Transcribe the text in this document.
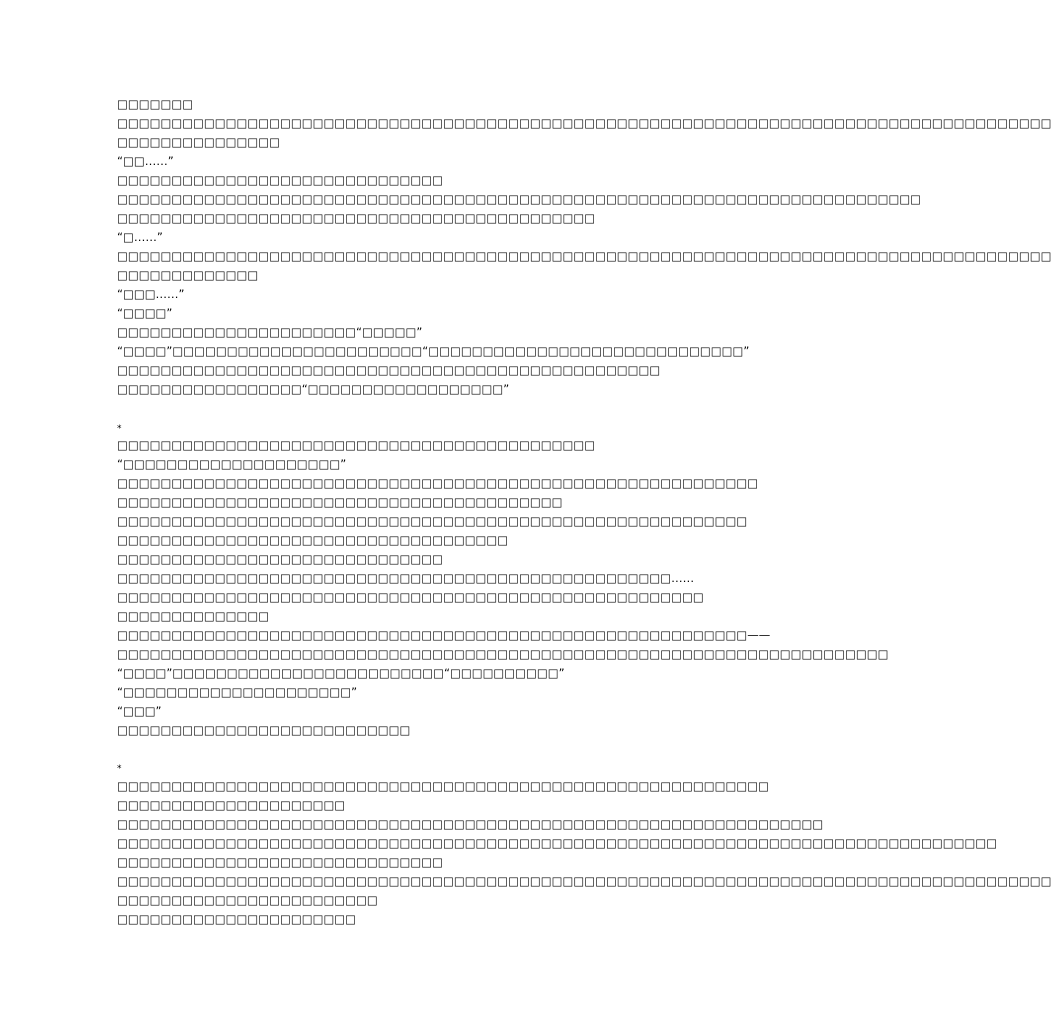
□□□□□□□
□□□□□□□□□□□□□□□□□□□□□□□□□□□□□□□□□□□□□□□□□□□□□□□□□□□□□□□□□□□□□□□□□□□□□□□□□□□□□□□□□□□□□□
□□□□□□□□□□□□□□□
“□□……”
□□□□□□□□□□□□□□□□□□□□□□□□□□□□□□
□□□□□□□□□□□□□□□□□□□□□□□□□□□□□□□□□□□□□□□□□□□□□□□□□□□□□□□□□□□□□□□□□□□□□□□□□□
□□□□□□□□□□□□□□□□□□□□□□□□□□□□□□□□□□□□□□□□□□□□
“□……”
□□□□□□□□□□□□□□□□□□□□□□□□□□□□□□□□□□□□□□□□□□□□□□□□□□□□□□□□□□□□□□□□□□□□□□□□□□□□□□□□□□□□□□
□□□□□□□□□□□□□
“□□□……”
“□□□□”
□□□□□□□□□□□□□□□□□□□□□□“□□□□□”
“□□□□”□□□□□□□□□□□□□□□□□□□□□□□“□□□□□□□□□□□□□□□□□□□□□□□□□□□□□”
□□□□□□□□□□□□□□□□□□□□□□□□□□□□□□□□□□□□□□□□□□□□□□□□□□
□□□□□□□□□□□□□□□□□“□□□□□□□□□□□□□□□□□□”
*
□□□□□□□□□□□□□□□□□□□□□□□□□□□□□□□□□□□□□□□□□□□□
“□□□□□□□□□□□□□□□□□□□□”
□□□□□□□□□□□□□□□□□□□□□□□□□□□□□□□□□□□□□□□□□□□□□□□□□□□□□□□□□□□
□□□□□□□□□□□□□□□□□□□□□□□□□□□□□□□□□□□□□□□□□
□□□□□□□□□□□□□□□□□□□□□□□□□□□□□□□□□□□□□□□□□□□□□□□□□□□□□□□□□□
□□□□□□□□□□□□□□□□□□□□□□□□□□□□□□□□□□□□
□□□□□□□□□□□□□□□□□□□□□□□□□□□□□□
□□□□□□□□□□□□□□□□□□□□□□□□□□□□□□□□□□□□□□□□□□□□□□□□□□□……
□□□□□□□□□□□□□□□□□□□□□□□□□□□□□□□□□□□□□□□□□□□□□□□□□□□□□□
□□□□□□□□□□□□□□
□□□□□□□□□□□□□□□□□□□□□□□□□□□□□□□□□□□□□□□□□□□□□□□□□□□□□□□□□□——
□□□□□□□□□□□□□□□□□□□□□□□□□□□□□□□□□□□□□□□□□□□□□□□□□□□□□□□□□□□□□□□□□□□□□□□
“□□□□”□□□□□□□□□□□□□□□□□□□□□□□□□“□□□□□□□□□□”
“□□□□□□□□□□□□□□□□□□□□□”
“□□□”
□□□□□□□□□□□□□□□□□□□□□□□□□□□
*
□□□□□□□□□□□□□□□□□□□□□□□□□□□□□□□□□□□□□□□□□□□□□□□□□□□□□□□□□□□□
□□□□□□□□□□□□□□□□□□□□□
□□□□□□□□□□□□□□□□□□□□□□□□□□□□□□□□□□□□□□□□□□□□□□□□□□□□□□□□□□□□□□□□□
□□□□□□□□□□□□□□□□□□□□□□□□□□□□□□□□□□□□□□□□□□□□□□□□□□□□□□□□□□□□□□□□□□□□□□□□□□□□□□□□□
□□□□□□□□□□□□□□□□□□□□□□□□□□□□□□
□□□□□□□□□□□□□□□□□□□□□□□□□□□□□□□□□□□□□□□□□□□□□□□□□□□□□□□□□□□□□□□□□□□□□□□□□□□□□□□□□□□□□□
□□□□□□□□□□□□□□□□□□□□□□□□
□□□□□□□□□□□□□□□□□□□□□□
